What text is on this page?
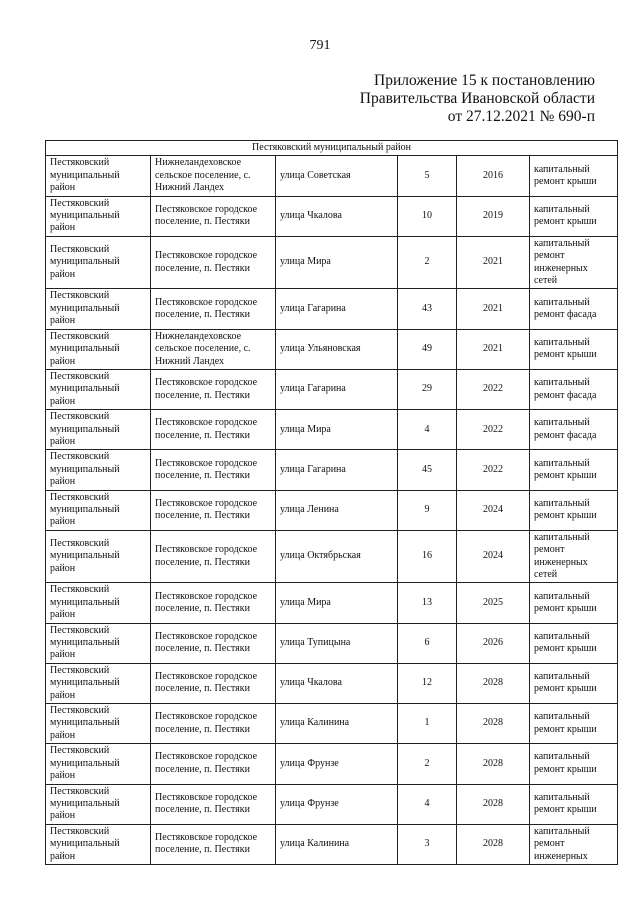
791
Приложение 15 к постановлению
Правительства Ивановской области
от 27.12.2021 № 690-п
Пестяковский муниципальный район					
Пестяковский муниципальный район	Нижнеландеховское сельское поселение, с. Нижний Ландех	улица Советская	5	2016	капитальный ремонт крыши
Пестяковский муниципальный район	Пестяковское городское поселение, п. Пестяки	улица Чкалова	10	2019	капитальный ремонт крыши
Пестяковский муниципальный район	Пестяковское городское поселение, п. Пестяки	улица Мира	2	2021	капитальный ремонт инженерных сетей
Пестяковский муниципальный район	Пестяковское городское поселение, п. Пестяки	улица Гагарина	43	2021	капитальный ремонт фасада
Пестяковский муниципальный район	Нижнеландеховское сельское поселение, с. Нижний Ландех	улица Ульяновская	49	2021	капитальный ремонт крыши
Пестяковский муниципальный район	Пестяковское городское поселение, п. Пестяки	улица Гагарина	29	2022	капитальный ремонт фасада
Пестяковский муниципальный район	Пестяковское городское поселение, п. Пестяки	улица Мира	4	2022	капитальный ремонт фасада
Пестяковский муниципальный район	Пестяковское городское поселение, п. Пестяки	улица Гагарина	45	2022	капитальный ремонт крыши
Пестяковский муниципальный район	Пестяковское городское поселение, п. Пестяки	улица Ленина	9	2024	капитальный ремонт крыши
Пестяковский муниципальный район	Пестяковское городское поселение, п. Пестяки	улица Октябрьская	16	2024	капитальный ремонт инженерных сетей
Пестяковский муниципальный район	Пестяковское городское поселение, п. Пестяки	улица Мира	13	2025	капитальный ремонт крыши
Пестяковский муниципальный район	Пестяковское городское поселение, п. Пестяки	улица Тупицына	6	2026	капитальный ремонт крыши
Пестяковский муниципальный район	Пестяковское городское поселение, п. Пестяки	улица Чкалова	12	2028	капитальный ремонт крыши
Пестяковский муниципальный район	Пестяковское городское поселение, п. Пестяки	улица Калинина	1	2028	капитальный ремонт крыши
Пестяковский муниципальный район	Пестяковское городское поселение, п. Пестяки	улица Фрунзе	2	2028	капитальный ремонт крыши
Пестяковский муниципальный район	Пестяковское городское поселение, п. Пестяки	улица Фрунзе	4	2028	капитальный ремонт крыши
Пестяковский муниципальный район	Пестяковское городское поселение, п. Пестяки	улица Калинина	3	2028	капитальный ремонт инженерных
